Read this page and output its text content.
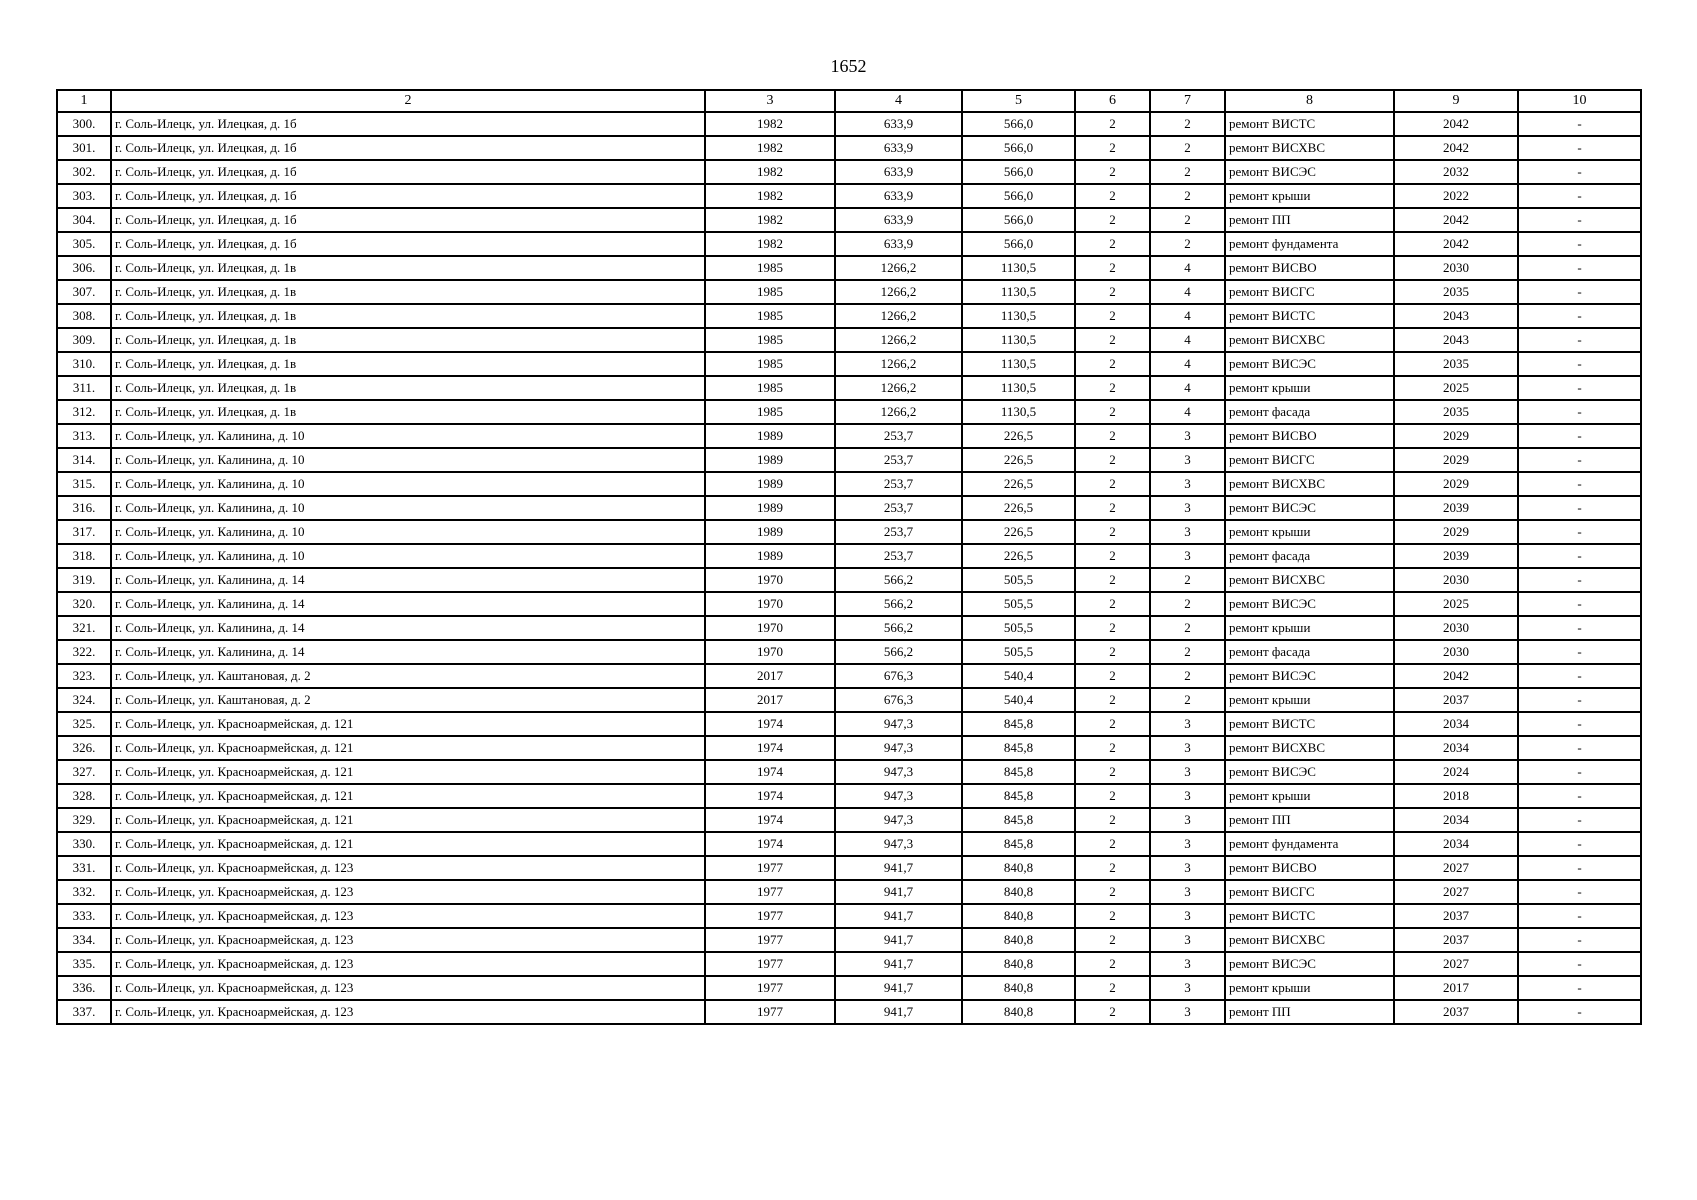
1652
1	2	3	4	5	6	7	8	9	10
300.	г. Соль-Илецк, ул. Илецкая, д. 1б	1982	633,9	566,0	2	2	ремонт ВИСТС	2042	-
301.	г. Соль-Илецк, ул. Илецкая, д. 1б	1982	633,9	566,0	2	2	ремонт ВИСХВС	2042	-
302.	г. Соль-Илецк, ул. Илецкая, д. 1б	1982	633,9	566,0	2	2	ремонт ВИСЭС	2032	-
303.	г. Соль-Илецк, ул. Илецкая, д. 1б	1982	633,9	566,0	2	2	ремонт крыши	2022	-
304.	г. Соль-Илецк, ул. Илецкая, д. 1б	1982	633,9	566,0	2	2	ремонт ПП	2042	-
305.	г. Соль-Илецк, ул. Илецкая, д. 1б	1982	633,9	566,0	2	2	ремонт фундамента	2042	-
306.	г. Соль-Илецк, ул. Илецкая, д. 1в	1985	1266,2	1130,5	2	4	ремонт ВИСВО	2030	-
307.	г. Соль-Илецк, ул. Илецкая, д. 1в	1985	1266,2	1130,5	2	4	ремонт ВИСГС	2035	-
308.	г. Соль-Илецк, ул. Илецкая, д. 1в	1985	1266,2	1130,5	2	4	ремонт ВИСТС	2043	-
309.	г. Соль-Илецк, ул. Илецкая, д. 1в	1985	1266,2	1130,5	2	4	ремонт ВИСХВС	2043	-
310.	г. Соль-Илецк, ул. Илецкая, д. 1в	1985	1266,2	1130,5	2	4	ремонт ВИСЭС	2035	-
311.	г. Соль-Илецк, ул. Илецкая, д. 1в	1985	1266,2	1130,5	2	4	ремонт крыши	2025	-
312.	г. Соль-Илецк, ул. Илецкая, д. 1в	1985	1266,2	1130,5	2	4	ремонт фасада	2035	-
313.	г. Соль-Илецк, ул. Калинина, д. 10	1989	253,7	226,5	2	3	ремонт ВИСВО	2029	-
314.	г. Соль-Илецк, ул. Калинина, д. 10	1989	253,7	226,5	2	3	ремонт ВИСГС	2029	-
315.	г. Соль-Илецк, ул. Калинина, д. 10	1989	253,7	226,5	2	3	ремонт ВИСХВС	2029	-
316.	г. Соль-Илецк, ул. Калинина, д. 10	1989	253,7	226,5	2	3	ремонт ВИСЭС	2039	-
317.	г. Соль-Илецк, ул. Калинина, д. 10	1989	253,7	226,5	2	3	ремонт крыши	2029	-
318.	г. Соль-Илецк, ул. Калинина, д. 10	1989	253,7	226,5	2	3	ремонт фасада	2039	-
319.	г. Соль-Илецк, ул. Калинина, д. 14	1970	566,2	505,5	2	2	ремонт ВИСХВС	2030	-
320.	г. Соль-Илецк, ул. Калинина, д. 14	1970	566,2	505,5	2	2	ремонт ВИСЭС	2025	-
321.	г. Соль-Илецк, ул. Калинина, д. 14	1970	566,2	505,5	2	2	ремонт крыши	2030	-
322.	г. Соль-Илецк, ул. Калинина, д. 14	1970	566,2	505,5	2	2	ремонт фасада	2030	-
323.	г. Соль-Илецк, ул. Каштановая, д. 2	2017	676,3	540,4	2	2	ремонт ВИСЭС	2042	-
324.	г. Соль-Илецк, ул. Каштановая, д. 2	2017	676,3	540,4	2	2	ремонт крыши	2037	-
325.	г. Соль-Илецк, ул. Красноармейская, д. 121	1974	947,3	845,8	2	3	ремонт ВИСТС	2034	-
326.	г. Соль-Илецк, ул. Красноармейская, д. 121	1974	947,3	845,8	2	3	ремонт ВИСХВС	2034	-
327.	г. Соль-Илецк, ул. Красноармейская, д. 121	1974	947,3	845,8	2	3	ремонт ВИСЭС	2024	-
328.	г. Соль-Илецк, ул. Красноармейская, д. 121	1974	947,3	845,8	2	3	ремонт крыши	2018	-
329.	г. Соль-Илецк, ул. Красноармейская, д. 121	1974	947,3	845,8	2	3	ремонт ПП	2034	-
330.	г. Соль-Илецк, ул. Красноармейская, д. 121	1974	947,3	845,8	2	3	ремонт фундамента	2034	-
331.	г. Соль-Илецк, ул. Красноармейская, д. 123	1977	941,7	840,8	2	3	ремонт ВИСВО	2027	-
332.	г. Соль-Илецк, ул. Красноармейская, д. 123	1977	941,7	840,8	2	3	ремонт ВИСГС	2027	-
333.	г. Соль-Илецк, ул. Красноармейская, д. 123	1977	941,7	840,8	2	3	ремонт ВИСТС	2037	-
334.	г. Соль-Илецк, ул. Красноармейская, д. 123	1977	941,7	840,8	2	3	ремонт ВИСХВС	2037	-
335.	г. Соль-Илецк, ул. Красноармейская, д. 123	1977	941,7	840,8	2	3	ремонт ВИСЭС	2027	-
336.	г. Соль-Илецк, ул. Красноармейская, д. 123	1977	941,7	840,8	2	3	ремонт крыши	2017	-
337.	г. Соль-Илецк, ул. Красноармейская, д. 123	1977	941,7	840,8	2	3	ремонт ПП	2037	-
